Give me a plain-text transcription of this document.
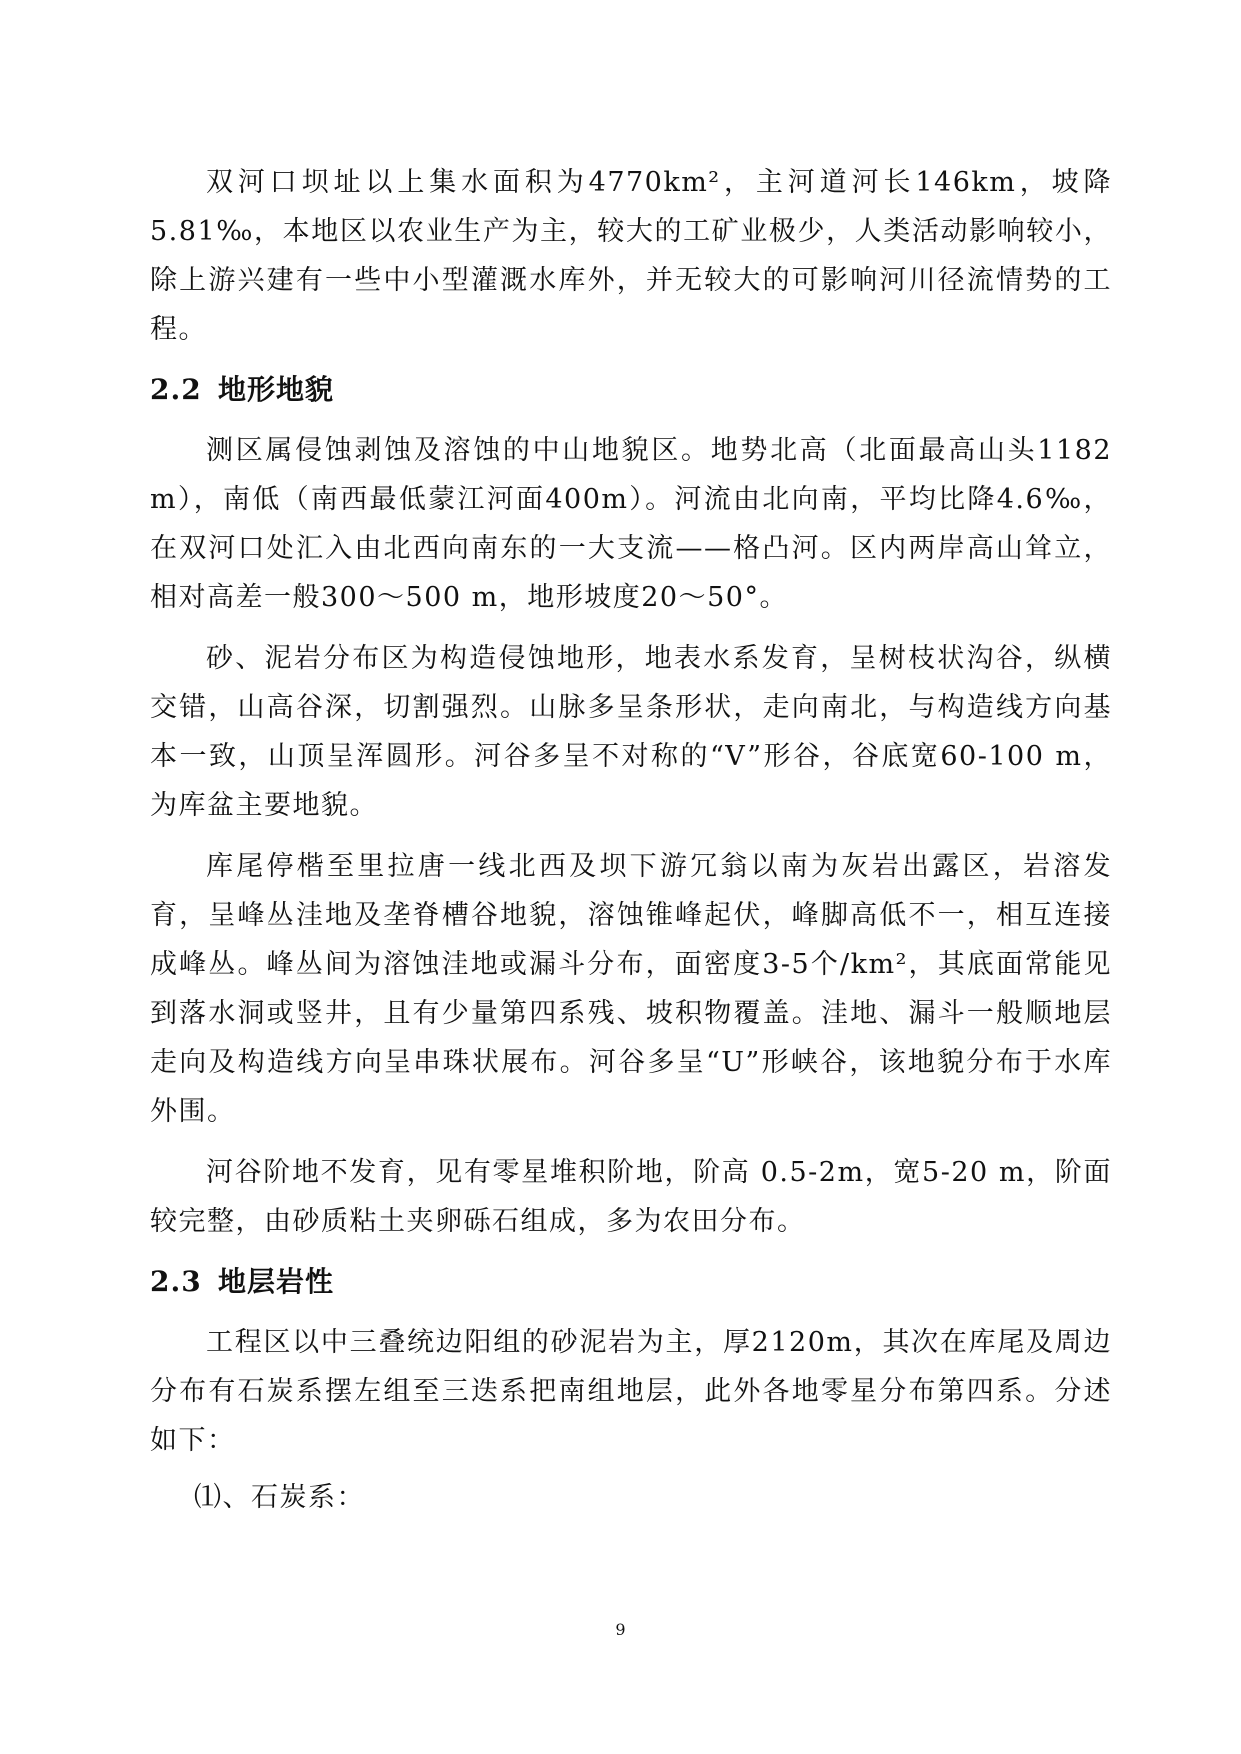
双河口坝址以上集水面积为4770km²，主河道河长146km，坡降5.81‰，本地区以农业生产为主，较大的工矿业极少，人类活动影响较小，除上游兴建有一些中小型灌溉水库外，并无较大的可影响河川径流情势的工程。

2.2 地形地貌

测区属侵蚀剥蚀及溶蚀的中山地貌区。地势北高（北面最高山头1182 m），南低（南西最低蒙江河面400m）。河流由北向南，平均比降4.6‰，在双河口处汇入由北西向南东的一大支流——格凸河。区内两岸高山耸立，相对高差一般300～500 m，地形坡度20～50°。

砂、泥岩分布区为构造侵蚀地形，地表水系发育，呈树枝状沟谷，纵横交错，山高谷深，切割强烈。山脉多呈条形状，走向南北，与构造线方向基本一致，山顶呈浑圆形。河谷多呈不对称的“V”形谷，谷底宽60-100 m，为库盆主要地貌。

库尾停楷至里拉唐一线北西及坝下游冗翁以南为灰岩出露区，岩溶发育，呈峰丛洼地及垄脊槽谷地貌，溶蚀锥峰起伏，峰脚高低不一，相互连接成峰丛。峰丛间为溶蚀洼地或漏斗分布，面密度3-5个/km²，其底面常能见到落水洞或竖井，且有少量第四系残、坡积物覆盖。洼地、漏斗一般顺地层走向及构造线方向呈串珠状展布。河谷多呈“U”形峡谷，该地貌分布于水库外围。

河谷阶地不发育，见有零星堆积阶地，阶高 0.5-2m，宽5-20 m，阶面较完整，由砂质粘土夹卵砾石组成，多为农田分布。

2.3 地层岩性

工程区以中三叠统边阳组的砂泥岩为主，厚2120m，其次在库尾及周边分布有石炭系摆左组至三迭系把南组地层，此外各地零星分布第四系。分述如下：

⑴、石炭系：

9
